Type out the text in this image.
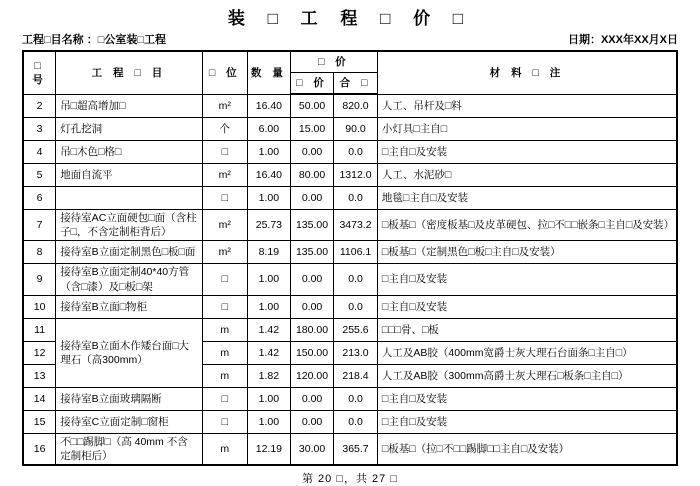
装 □ 工 程 □ 价 □
工程□目名称 ：□公室装□工程	日期：XXX年XX月X日
□ 号	工 程 □ 目	□ 位	数 量	□ 价		材 料 □ 注
				□ 价	合 □	
2	吊□超高增加□	m²	16.40	50.00	820.0	人工、吊杆及□料
3	灯孔挖洞	个	6.00	15.00	90.0	小灯具□主自□
4	吊□木色□格□	□	1.00	0.00	0.0	□主自□及安装
5	地面自流平	m²	16.40	80.00	1312.0	人工、水泥砂□
6		□	1.00	0.00	0.0	地毯□主自□及安装
7	接待室AC立面硬包□面（含柱子□，不含定制柜背后）	m²	25.73	135.00	3473.2	□板基□（密度板基□及皮革硬包、拉□不□□嵌条□主自□及安装）
8	接待室B立面定制黑色□板□面	m²	8.19	135.00	1106.1	□板基□（定制黑色□板□主自□及安装）
9	接待室B立面定制40*40方管（含□漆）及□板□架	□	1.00	0.00	0.0	□主自□及安装
10	接待室B立面□物柜	□	1.00	0.00	0.0	□主自□及安装
11	接待室B立面木作矮台面□大理石（高300mm）	m	1.42	180.00	255.6	□□□骨、□板
12		m	1.42	150.00	213.0	人工及AB胶（400mm宽爵士灰大理石台面条□主自□）
13		m	1.82	120.00	218.4	人工及AB胶（300mm高爵士灰大理石□板条□主自□）
14	接待室B立面玻璃隔断	□	1.00	0.00	0.0	□主自□及安装
15	接待室C立面定制□窗柜	□	1.00	0.00	0.0	□主自□及安装
16	不□□踢脚□（高 40mm 不含定制柜后）	m	12.19	30.00	365.7	□板基□（拉□不□□踢脚□□主自□及安装）
第 20 □，共 27 □
